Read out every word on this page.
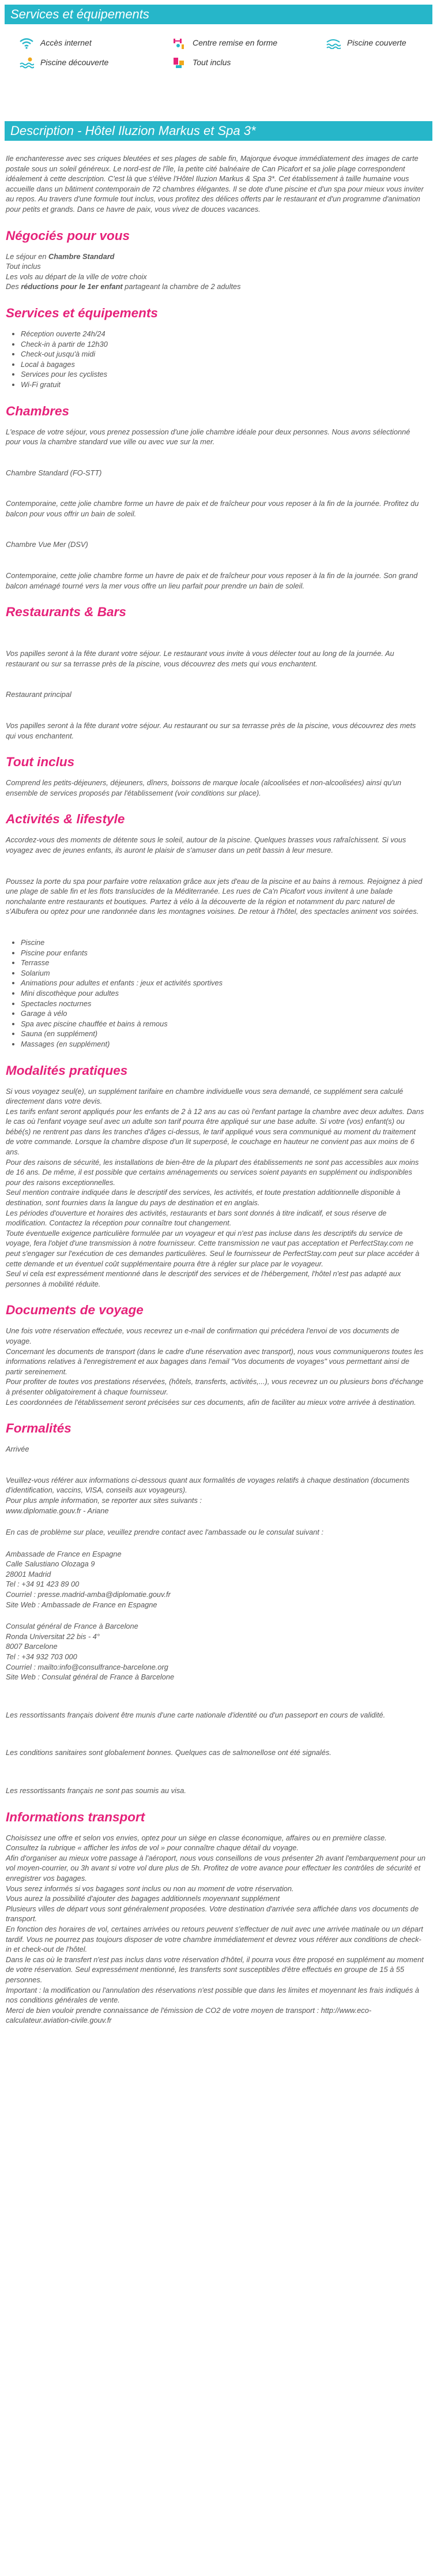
Services et équipements
Accès internet	Centre remise en forme	Piscine couverte
Piscine découverte	Tout inclus
Description - Hôtel Iluzion Markus et Spa 3*

Ile enchanteresse avec ses criques bleutées et ses plages de sable fin, Majorque évoque immédiatement des images de carte postale sous un soleil généreux. Le nord-est de l'île, la petite cité balnéaire de Can Picafort et sa jolie plage correspondent idéalement à cette description. C'est là que s'élève l'Hôtel Iluzion Markus & Spa 3*. Cet établissement à taille humaine vous accueille dans un bâtiment contemporain de 72 chambres élégantes. Il se dote d'une piscine et d'un spa pour mieux vous inviter au repos. Au travers d'une formule tout inclus, vous profitez des délices offerts par le restaurant et d'un programme d'animation pour petits et grands. Dans ce havre de paix, vous vivez de douces vacances.

Négociés pour vous

Le séjour en Chambre Standard

Tout inclus

Les vols au départ de la ville de votre choix

Des réductions pour le 1er enfant partageant la chambre de 2 adultes

Services et équipements
• Réception ouverte 24h/24
• Check-in à partir de 12h30
• Check-out jusqu'à midi
• Local à bagages
• Services pour les cyclistes
• Wi-Fi gratuit
Chambres

L'espace de votre séjour, vous prenez possession d'une jolie chambre idéale pour deux personnes. Nous avons sélectionné pour vous la chambre standard vue ville ou avec vue sur la mer.

Chambre Standard (FO-STT)

Contemporaine, cette jolie chambre forme un havre de paix et de fraîcheur pour vous reposer à la fin de la journée. Profitez du balcon pour vous offrir un bain de soleil.

Chambre Vue Mer (DSV)

Contemporaine, cette jolie chambre forme un havre de paix et de fraîcheur pour vous reposer à la fin de la journée. Son grand balcon aménagé tourné vers la mer vous offre un lieu parfait pour prendre un bain de soleil.

Restaurants & Bars

Vos papilles seront à la fête durant votre séjour. Le restaurant vous invite à vous délecter tout au long de la journée. Au restaurant ou sur sa terrasse près de la piscine, vous découvrez des mets qui vous enchantent.

Restaurant principal

Vos papilles seront à la fête durant votre séjour. Au restaurant ou sur sa terrasse près de la piscine, vous découvrez des mets qui vous enchantent.

Tout inclus

Comprend les petits-déjeuners, déjeuners, dîners, boissons de marque locale (alcoolisées et non-alcoolisées) ainsi qu'un ensemble de services proposés par l'établissement (voir conditions sur place).

Activités & lifestyle

Accordez-vous des moments de détente sous le soleil, autour de la piscine. Quelques brasses vous rafraîchissent. Si vous voyagez avec de jeunes enfants, ils auront le plaisir de s'amuser dans un petit bassin à leur mesure.

Poussez la porte du spa pour parfaire votre relaxation grâce aux jets d'eau de la piscine et au bains à remous. Rejoignez à pied une plage de sable fin et les flots translucides de la Méditerranée. Les rues de Ca'n Picafort vous invitent à une balade nonchalante entre restaurants et boutiques. Partez à vélo à la découverte de la région et notamment du parc naturel de s'Albufera ou optez pour une randonnée dans les montagnes voisines. De retour à l'hôtel, des spectacles animent vos soirées.

• Piscine
• Piscine pour enfants
• Terrasse
• Solarium
• Animations pour adultes et enfants : jeux et activités sportives
• Mini discothèque pour adultes
• Spectacles nocturnes
• Garage à vélo
• Spa avec piscine chauffée et bains à remous
• Sauna (en supplément)
• Massages (en supplément)
Modalités pratiques

Si vous voyagez seul(e), un supplément tarifaire en chambre individuelle vous sera demandé, ce supplément sera calculé directement dans votre devis.

Les tarifs enfant seront appliqués pour les enfants de 2 à 12 ans au cas où l'enfant partage la chambre avec deux adultes. Dans le cas où l'enfant voyage seul avec un adulte son tarif pourra être appliqué sur une base adulte. Si votre (vos) enfant(s) ou bébé(s) ne rentrent pas dans les tranches d'âges ci-dessus, le tarif appliqué vous sera communiqué au moment du traitement de votre commande. Lorsque la chambre dispose d'un lit superposé, le couchage en hauteur ne convient pas aux moins de 6 ans.

Pour des raisons de sécurité, les installations de bien-être de la plupart des établissements ne sont pas accessibles aux moins de 16 ans. De même, il est possible que certains aménagements ou services soient payants en supplément ou indisponibles pour des raisons exceptionnelles.

Seul mention contraire indiquée dans le descriptif des services, les activités, et toute prestation additionnelle disponible à destination, sont fournies dans la langue du pays de destination et en anglais.

Les périodes d'ouverture et horaires des activités, restaurants et bars sont donnés à titre indicatif, et sous réserve de modification. Contactez la réception pour connaître tout changement.

Toute éventuelle exigence particulière formulée par un voyageur et qui n'est pas incluse dans les descriptifs du service de voyage, fera l'objet d'une transmission à notre fournisseur. Cette transmission ne vaut pas acceptation et PerfectStay.com ne peut s'engager sur l'exécution de ces demandes particulières. Seul le fournisseur de PerfectStay.com peut sur place accéder à cette demande et un éventuel coût supplémentaire pourra être à régler sur place par le voyageur.

Seul vi cela est expressément mentionné dans le descriptif des services et de l'hébergement, l'hôtel n'est pas adapté aux personnes à mobilité réduite.

Documents de voyage

Une fois votre réservation effectuée, vous recevrez un e-mail de confirmation qui précédera l'envoi de vos documents de voyage.

Concernant les documents de transport (dans le cadre d'une réservation avec transport), nous vous communiquerons toutes les informations relatives à l'enregistrement et aux bagages dans l'email "Vos documents de voyages" vous permettant ainsi de partir sereinement.

Pour profiter de toutes vos prestations réservées, (hôtels, transferts, activités,...), vous recevrez un ou plusieurs bons d'échange à présenter obligatoirement à chaque fournisseur.

Les coordonnées de l'établissement seront précisées sur ces documents, afin de faciliter au mieux votre arrivée à destination.

Formalités

Arrivée

Veuillez-vous référer aux informations ci-dessous quant aux formalités de voyages relatifs à chaque destination (documents d'identification, vaccins, VISA, conseils aux voyageurs).

Pour plus ample information, se reporter aux sites suivants :

www.diplomatie.gouv.fr - Ariane

En cas de problème sur place, veuillez prendre contact avec l'ambassade ou le consulat suivant :

Ambassade de France en Espagne

Calle Salustiano Olozaga 9

28001 Madrid

Tel : +34 91 423 89 00

Courriel : presse.madrid-amba@diplomatie.gouv.fr

Site Web : Ambassade de France en Espagne

Consulat général de France à Barcelone

Ronda Universitat 22 bis - 4°

8007 Barcelone

Tel : +34 932 703 000

Courriel : mailto:info@consulfrance-barcelone.org

Site Web : Consulat général de France à Barcelone

Les ressortissants français doivent être munis d'une carte nationale d'identité ou d'un passeport en cours de validité.

Les conditions sanitaires sont globalement bonnes. Quelques cas de salmonellose ont été signalés.

Les ressortissants français ne sont pas soumis au visa.

Informations transport

Choisissez une offre et selon vos envies, optez pour un siège en classe économique, affaires ou en première classe.

Consultez la rubrique « afficher les infos de vol » pour connaître chaque détail du voyage.

Afin d'organiser au mieux votre passage à l'aéroport, nous vous conseillons de vous présenter 2h avant l'embarquement pour un vol moyen-courrier, ou 3h avant si votre vol dure plus de 5h. Profitez de votre avance pour effectuer les contrôles de sécurité et enregistrer vos bagages.

Vous serez informés si vos bagages sont inclus ou non au moment de votre réservation.

Vous aurez la possibilité d'ajouter des bagages additionnels moyennant supplément

Plusieurs villes de départ vous sont généralement proposées. Votre destination d'arrivée sera affichée dans vos documents de transport.

En fonction des horaires de vol, certaines arrivées ou retours peuvent s'effectuer de nuit avec une arrivée matinale ou un départ tardif. Vous ne pourrez pas toujours disposer de votre chambre immédiatement et devrez vous référer aux conditions de check-in et check-out de l'hôtel.

Dans le cas où le transfert n'est pas inclus dans votre réservation d'hôtel, il pourra vous être proposé en supplément au moment de votre réservation. Seul expressément mentionné, les transferts sont susceptibles d'être effectués en groupe de 15 à 55 personnes.

Important : la modification ou l'annulation des réservations n'est possible que dans les limites et moyennant les frais indiqués à nos conditions générales de vente.

Merci de bien vouloir prendre connaissance de l'émission de CO2 de votre moyen de transport : http://www.eco-calculateur.aviation-civile.gouv.fr
